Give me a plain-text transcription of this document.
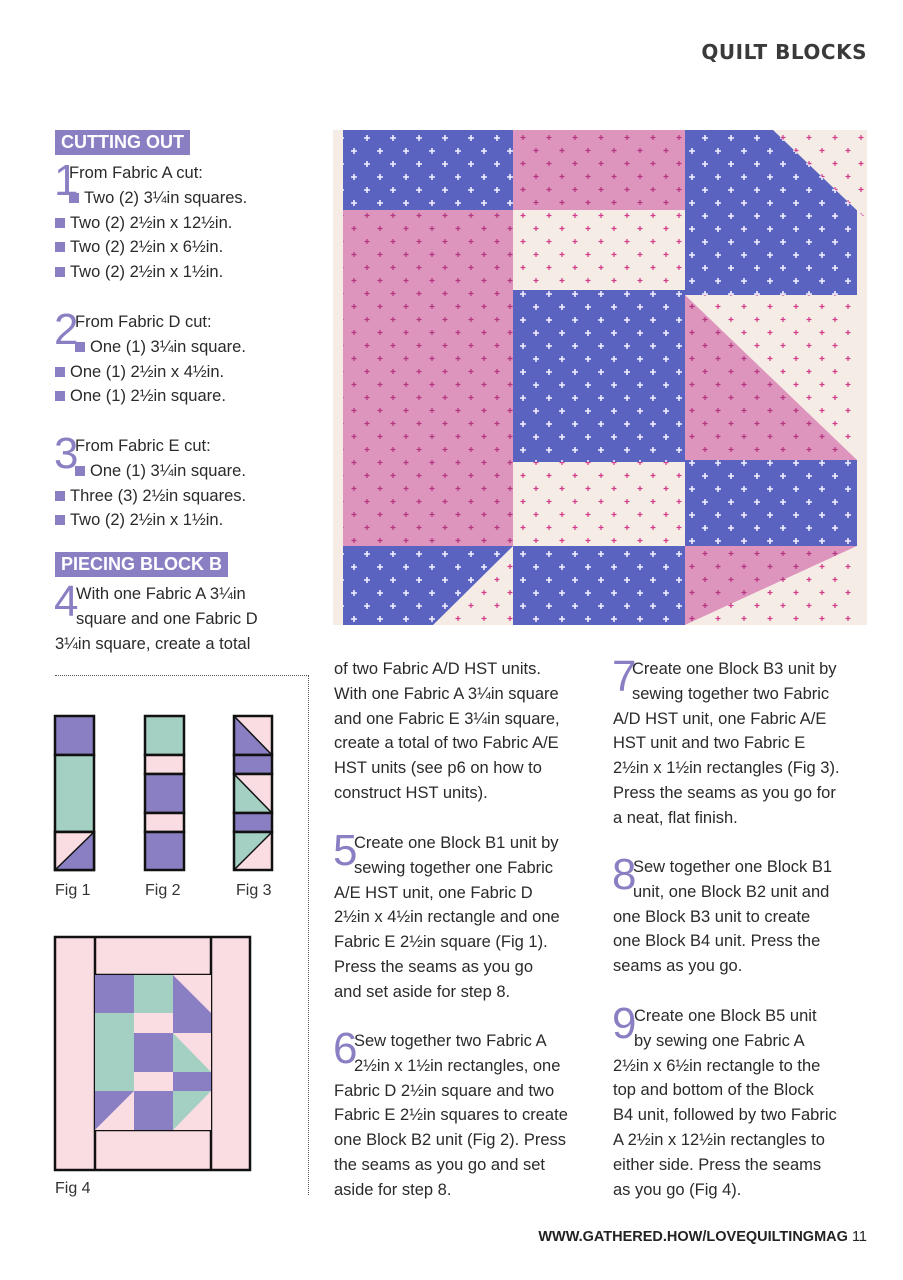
QUILT BLOCKS
CUTTING OUT
1
From Fabric A cut:
Two (2) 3¼in squares.
Two (2) 2½in x 12½in.
Two (2) 2½in x 6½in.
Two (2) 2½in x 1½in.
2
From Fabric D cut:
One (1) 3¼in square.
One (1) 2½in x 4½in.
One (1) 2½in square.
3
From Fabric E cut:
One (1) 3¼in square.
Three (3) 2½in squares.
Two (2) 2½in x 1½in.
PIECING BLOCK B
4
With one Fabric A 3¼in
square and one Fabric D
3¼in square, create a total
Fig 1	Fig 2	Fig 3
Fig 4
of two Fabric A/D HST units.
With one Fabric A 3¼in square
and one Fabric E 3¼in square,
create a total of two Fabric A/E
HST units (see p6 on how to
construct HST units).
5
Create one Block B1 unit by
sewing together one Fabric
A/E HST unit, one Fabric D
2½in x 4½in rectangle and one
Fabric E 2½in square (Fig 1).
Press the seams as you go
and set aside for step 8.
6
Sew together two Fabric A
2½in x 1½in rectangles, one
Fabric D 2½in square and two
Fabric E 2½in squares to create
one Block B2 unit (Fig 2). Press
the seams as you go and set
aside for step 8.
7
Create one Block B3 unit by
sewing together two Fabric
A/D HST unit, one Fabric A/E
HST unit and two Fabric E
2½in x 1½in rectangles (Fig 3).
Press the seams as you go for
a neat, flat finish.
8
Sew together one Block B1
unit, one Block B2 unit and
one Block B3 unit to create
one Block B4 unit. Press the
seams as you go.
9
Create one Block B5 unit
by sewing one Fabric A
2½in x 6½in rectangle to the
top and bottom of the Block
B4 unit, followed by two Fabric
A 2½in x 12½in rectangles to
either side. Press the seams
as you go (Fig 4).
WWW.GATHERED.HOW/LOVEQUILTINGMAG 11
